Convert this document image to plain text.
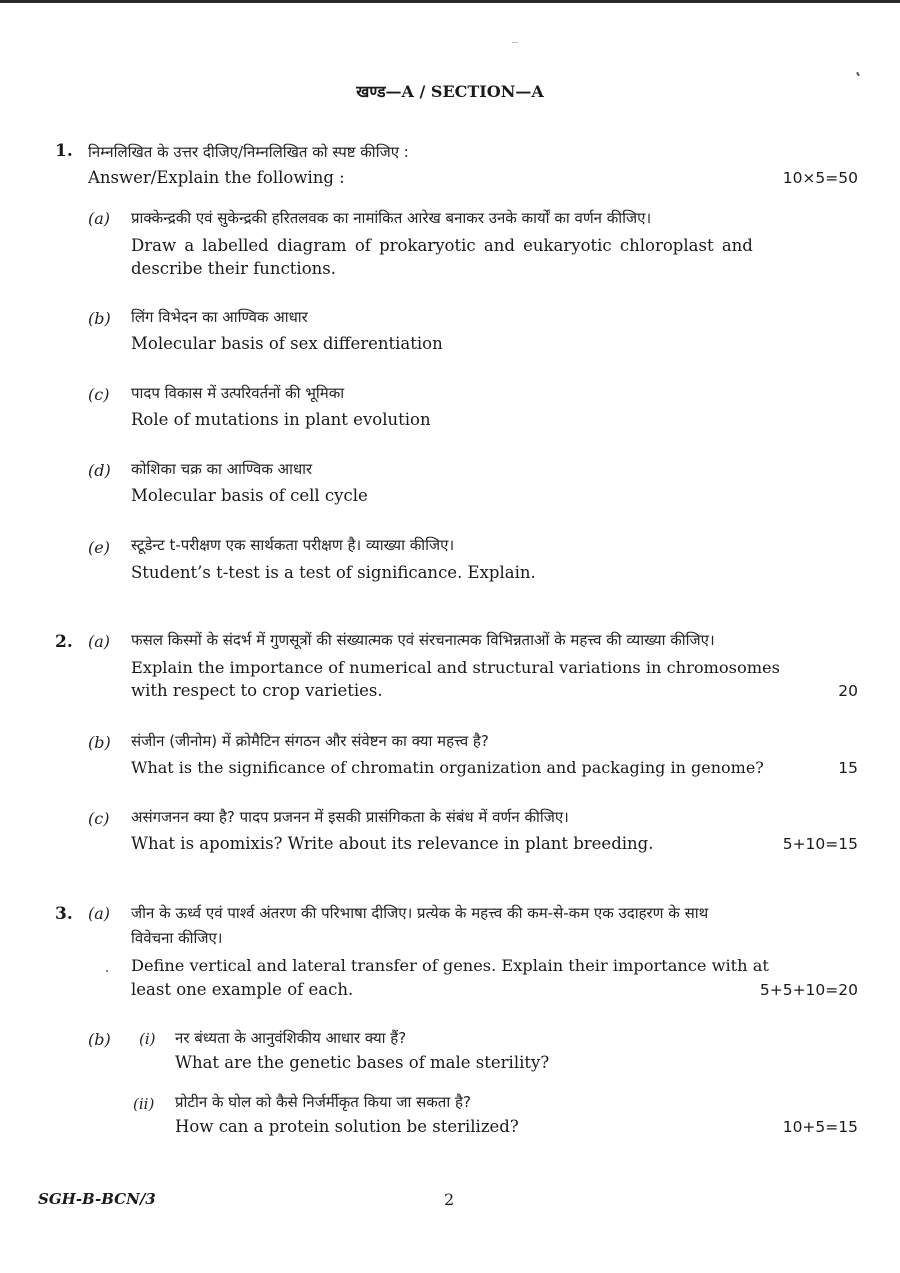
खण्ड—A / SECTION—A
1. निम्नलिखित के उत्तर दीजिए/निम्नलिखित को स्पष्ट कीजिए :
Answer/Explain the following :	10×5=50
(a) प्राक्केन्द्रकी एवं सुकेन्द्रकी हरितलवक का नामांकित आरेख बनाकर उनके कार्यों का वर्णन कीजिए।
Draw a labelled diagram of prokaryotic and eukaryotic chloroplast and
describe their functions.
(b) लिंग विभेदन का आण्विक आधार
Molecular basis of sex differentiation
(c) पादप विकास में उत्परिवर्तनों की भूमिका
Role of mutations in plant evolution
(d) कोशिका चक्र का आण्विक आधार
Molecular basis of cell cycle
(e) स्टूडेन्ट t-परीक्षण एक सार्थकता परीक्षण है। व्याख्या कीजिए।
Student’s t-test is a test of significance. Explain.
2. (a) फसल किस्मों के संदर्भ में गुणसूत्रों की संख्यात्मक एवं संरचनात्मक विभिन्नताओं के महत्त्व की व्याख्या कीजिए।
Explain the importance of numerical and structural variations in chromosomes
with respect to crop varieties.	20
(b) संजीन (जीनोम) में क्रोमैटिन संगठन और संवेष्टन का क्या महत्त्व है?
What is the significance of chromatin organization and packaging in genome?	15
(c) असंगजनन क्या है? पादप प्रजनन में इसकी प्रासंगिकता के संबंध में वर्णन कीजिए।
What is apomixis? Write about its relevance in plant breeding.	5+10=15
3. (a) जीन के ऊर्ध्व एवं पार्श्व अंतरण की परिभाषा दीजिए। प्रत्येक के महत्त्व की कम-से-कम एक उदाहरण के साथ
विवेचना कीजिए।
Define vertical and lateral transfer of genes. Explain their importance with at
least one example of each.	5+5+10=20
(b) (i) नर बंध्यता के आनुवंशिकीय आधार क्या हैं?
What are the genetic bases of male sterility?
(ii) प्रोटीन के घोल को कैसे निर्जर्मीकृत किया जा सकता है?
How can a protein solution be sterilized?	10+5=15
SGH-B-BCN/3	2
